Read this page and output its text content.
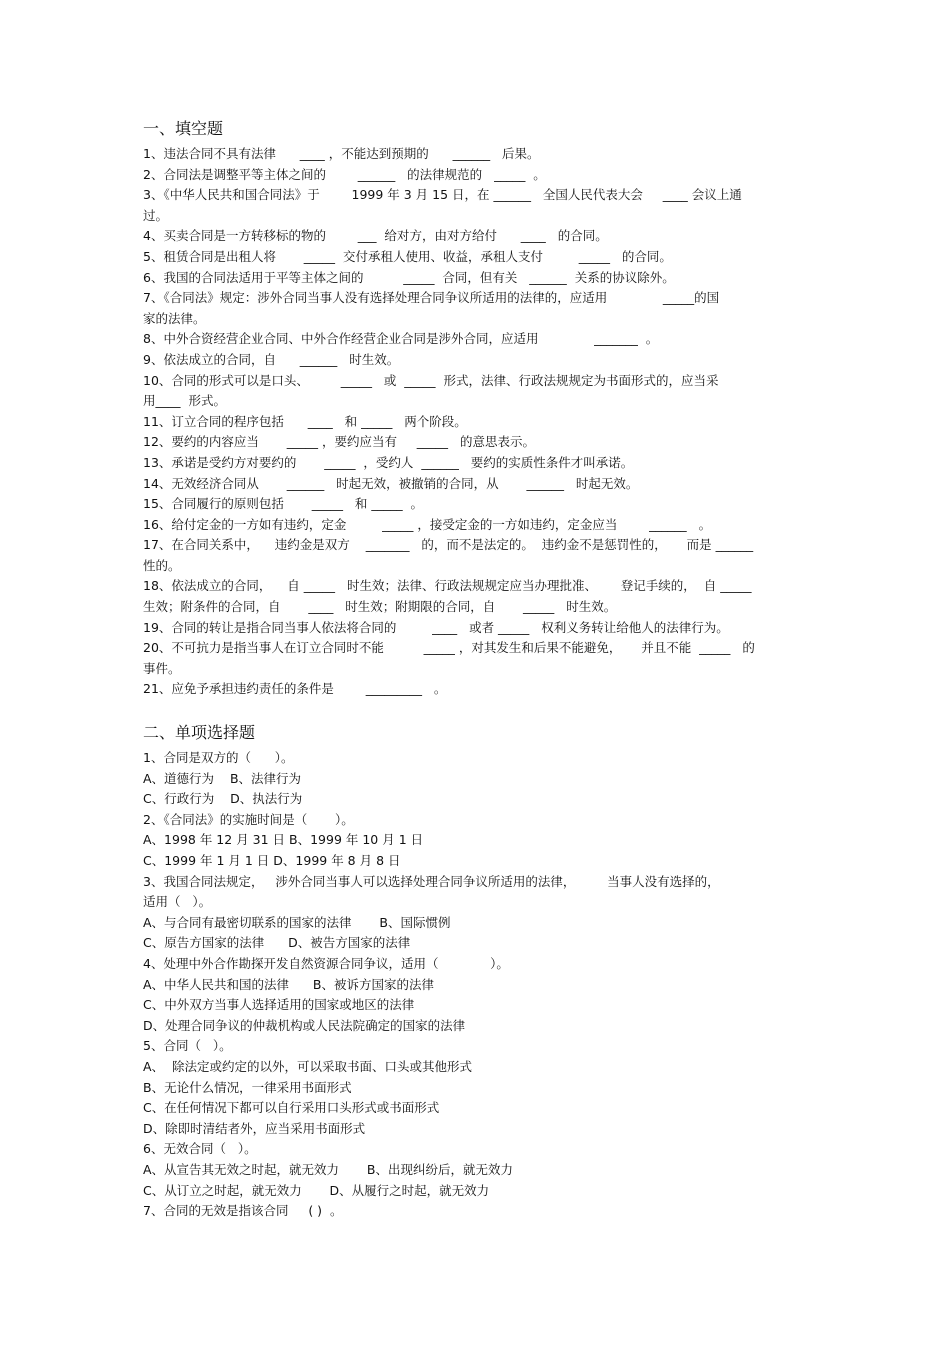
一、填空题
1、违法合同不具有法律      ____ ，不能达到预期的      ______   后果。
2、合同法是调整平等主体之间的        ______   的法律规范的   _____  。
3、《中华人民共和国合同法》于        1999 年 3 月 15 日，在 ______   全国人民代表大会     ____ 会议上通
过。
4、买卖合同是一方转移标的物的        ___  给对方，由对方给付      ____   的合同。
5、租赁合同是出租人将       _____  交付承租人使用、收益，承租人支付         _____   的合同。
6、我国的合同法适用于平等主体之间的          _____  合同，但有关   ______  关系的协议除外。
7、《合同法》规定：涉外合同当事人没有选择处理合同争议所适用的法律的，应适用              _____的国
家的法律。
8、中外合资经营企业合同、中外合作经营企业合同是涉外合同，应适用              _______  。
9、依法成立的合同，自      ______   时生效。
10、合同的形式可以是口头、        _____   或  _____  形式，法律、行政法规规定为书面形式的，应当采
用____  形式。
11、订立合同的程序包括      ____   和 _____   两个阶段。
12、要约的内容应当       _____ ，要约应当有     _____   的意思表示。
13、承诺是受约方对要约的       _____  ，受约人  ______   要约的实质性条件才叫承诺。
14、无效经济合同从       ______   时起无效，被撤销的合同，从       ______   时起无效。
15、合同履行的原则包括       _____   和 _____  。
16、给付定金的一方如有违约，定金         _____ ，接受定金的一方如违约，定金应当        ______   。
17、在合同关系中，    违约金是双方    _______   的，而不是法定的。  违约金不是惩罚性的，     而是 ______
性的。
18、依法成立的合同，    自 _____   时生效；法律、行政法规规定应当办理批准、      登记手续的，  自 _____
生效；附条件的合同，自       ____   时生效；附期限的合同，自       _____   时生效。
19、合同的转让是指合同当事人依法将合同的         ____   或者 _____   权利义务转让给他人的法律行为。
20、不可抗力是指当事人在订立合同时不能          _____ ，对其发生和后果不能避免，     并且不能  _____   的
事件。
21、应免予承担违约责任的条件是        _________   。
二、单项选择题
1、合同是双方的（      ）。
A、道德行为    B、法律行为
C、行政行为    D、执法行为
2、《合同法》的实施时间是（       ）。
A、1998 年 12 月 31 日 B、1999 年 10 月 1 日
C、1999 年 1 月 1 日 D、1999 年 8 月 8 日
3、我国合同法规定，   涉外合同当事人可以选择处理合同争议所适用的法律，        当事人没有选择的，
适用（   ）。
A、与合同有最密切联系的国家的法律       B、国际惯例
C、原告方国家的法律      D、被告方国家的法律
4、处理中外合作勘探开发自然资源合同争议，适用（             ）。
A、中华人民共和国的法律      B、被诉方国家的法律
C、中外双方当事人选择适用的国家或地区的法律
D、处理合同争议的仲裁机构或人民法院确定的国家的法律
5、合同（   ）。
A、  除法定或约定的以外，可以采取书面、口头或其他形式
B、无论什么情况，一律采用书面形式
C、在任何情况下都可以自行采用口头形式或书面形式
D、除即时清结者外，应当采用书面形式
6、无效合同（   ）。
A、从宣告其无效之时起，就无效力       B、出现纠纷后，就无效力
C、从订立之时起，就无效力       D、从履行之时起，就无效力
7、合同的无效是指该合同     ( )  。
